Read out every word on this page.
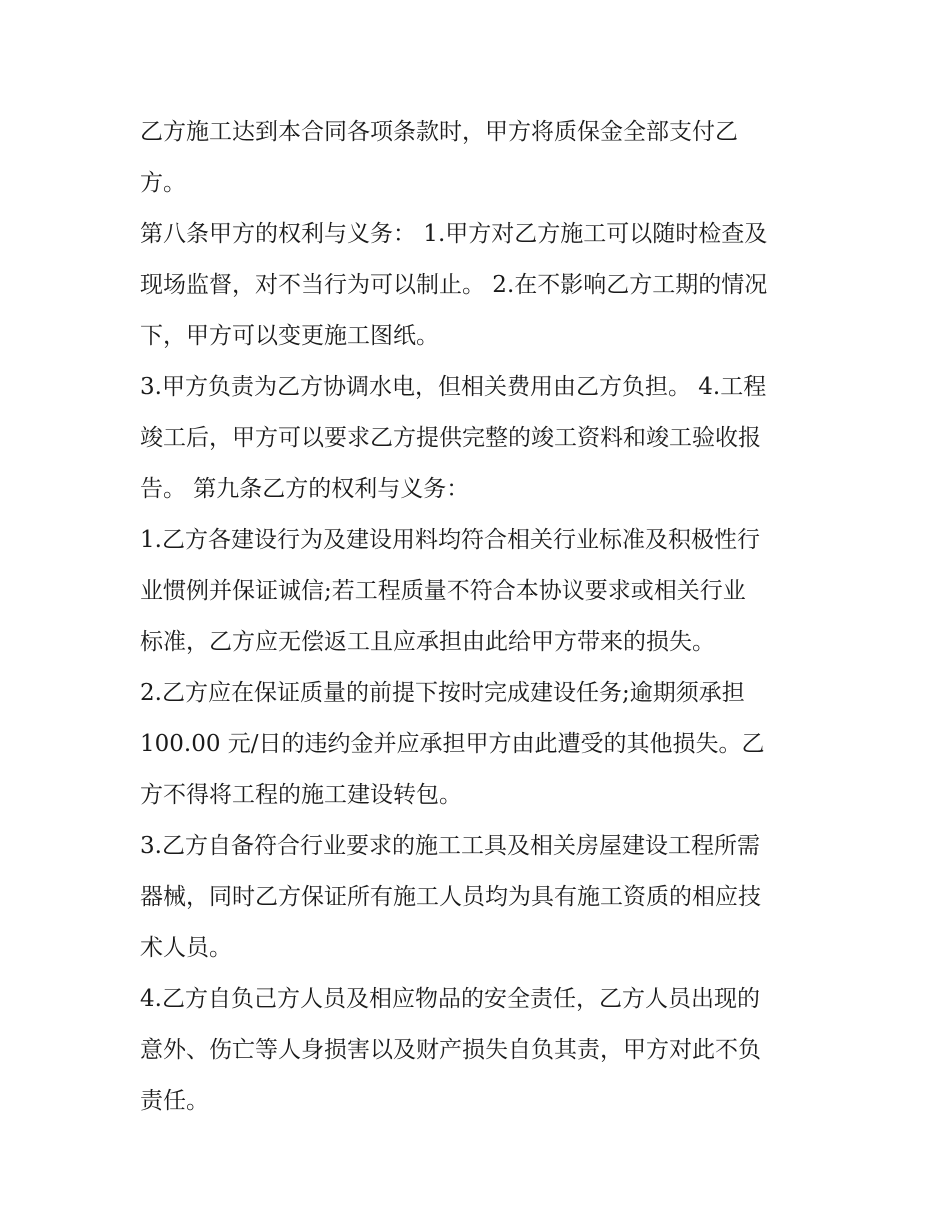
乙方施工达到本合同各项条款时，甲方将质保金全部支付乙
方。
第八条甲方的权利与义务： 1.甲方对乙方施工可以随时检查及
现场监督，对不当行为可以制止。 2.在不影响乙方工期的情况
下，甲方可以变更施工图纸。
3.甲方负责为乙方协调水电，但相关费用由乙方负担。 4.工程
竣工后，甲方可以要求乙方提供完整的竣工资料和竣工验收报
告。 第九条乙方的权利与义务：
1.乙方各建设行为及建设用料均符合相关行业标准及积极性行
业惯例并保证诚信;若工程质量不符合本协议要求或相关行业
标准，乙方应无偿返工且应承担由此给甲方带来的损失。
2.乙方应在保证质量的前提下按时完成建设任务;逾期须承担
100.00 元/日的违约金并应承担甲方由此遭受的其他损失。乙
方不得将工程的施工建设转包。
3.乙方自备符合行业要求的施工工具及相关房屋建设工程所需
器械，同时乙方保证所有施工人员均为具有施工资质的相应技
术人员。
4.乙方自负己方人员及相应物品的安全责任，乙方人员出现的
意外、伤亡等人身损害以及财产损失自负其责，甲方对此不负
责任。
